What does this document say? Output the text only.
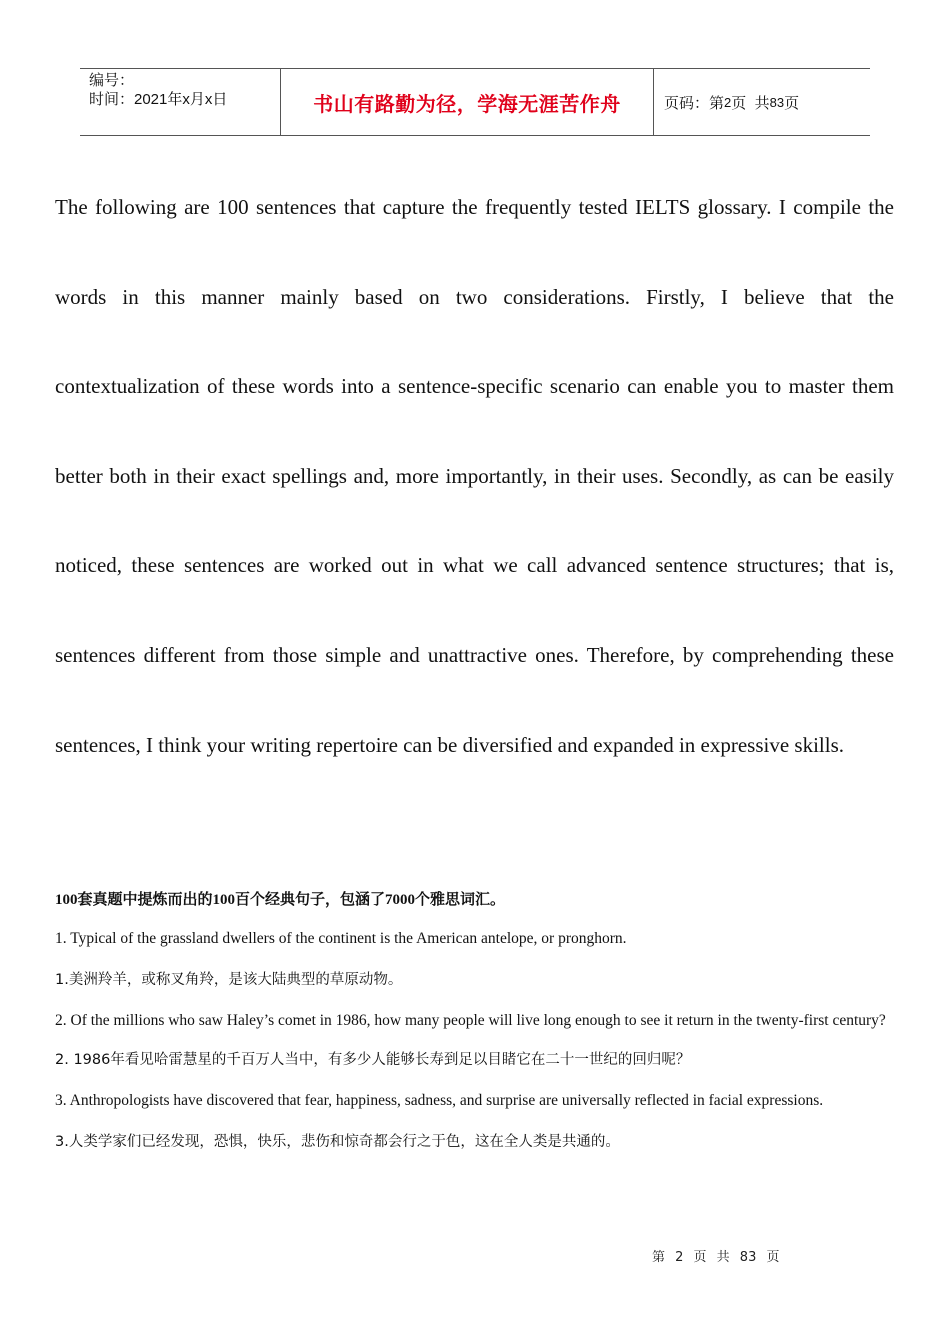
编号：
时间：2021年x月x日	书山有路勤为径，学海无涯苦作舟	页码：第 2 页  共 83 页

The following are 100 sentences that capture the frequently tested IELTS glossary. I compile the words in this manner mainly based on two considerations. Firstly, I believe that the contextualization of these words into a sentence-specific scenario can enable you to master them better both in their exact spellings and, more importantly, in their uses. Secondly, as can be easily noticed, these sentences are worked out in what we call advanced sentence structures; that is, sentences different from those simple and unattractive ones. Therefore, by comprehending these sentences, I think your writing repertoire can be diversified and expanded in expressive skills.

100套真题中提炼而出的100百个经典句子，包涵了7000个雅思词汇。
1. Typical of the grassland dwellers of the continent is the American antelope, or pronghorn.
1.美洲羚羊，或称叉角羚，是该大陆典型的草原动物。
2. Of the millions who saw Haley’s comet in 1986, how many people will live long enough to see it return in the twenty-first century?
2. 1986年看见哈雷慧星的千百万人当中，有多少人能够长寿到足以目睹它在二十一世纪的回归呢？
3. Anthropologists have discovered that fear, happiness, sadness, and surprise are universally reflected in facial expressions.
3.人类学家们已经发现，恐惧，快乐，悲伤和惊奇都会行之于色，这在全人类是共通的。
第 2 页 共 83 页
